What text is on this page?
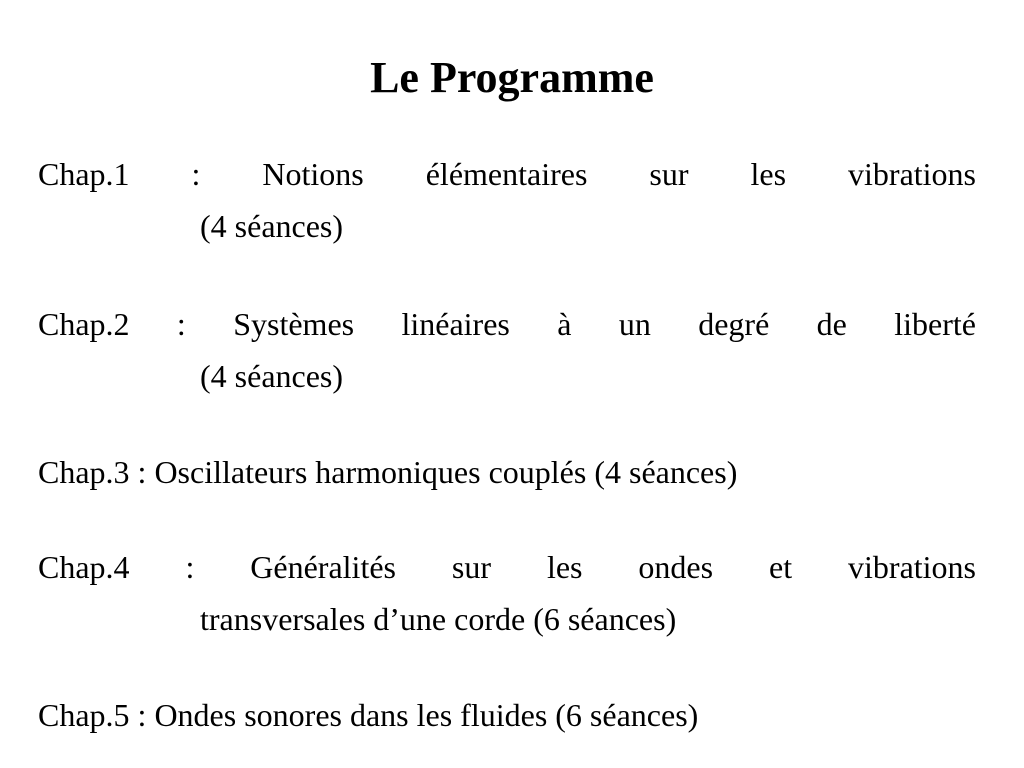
Le Programme
Chap.1 : Notions élémentaires sur les vibrations
(4 séances)
Chap.2 : Systèmes linéaires à un degré de liberté
(4 séances)
Chap.3 : Oscillateurs harmoniques couplés (4 séances)
Chap.4 : Généralités sur les ondes et vibrations
transversales d’une corde (6 séances)
Chap.5 : Ondes sonores dans les fluides (6 séances)
